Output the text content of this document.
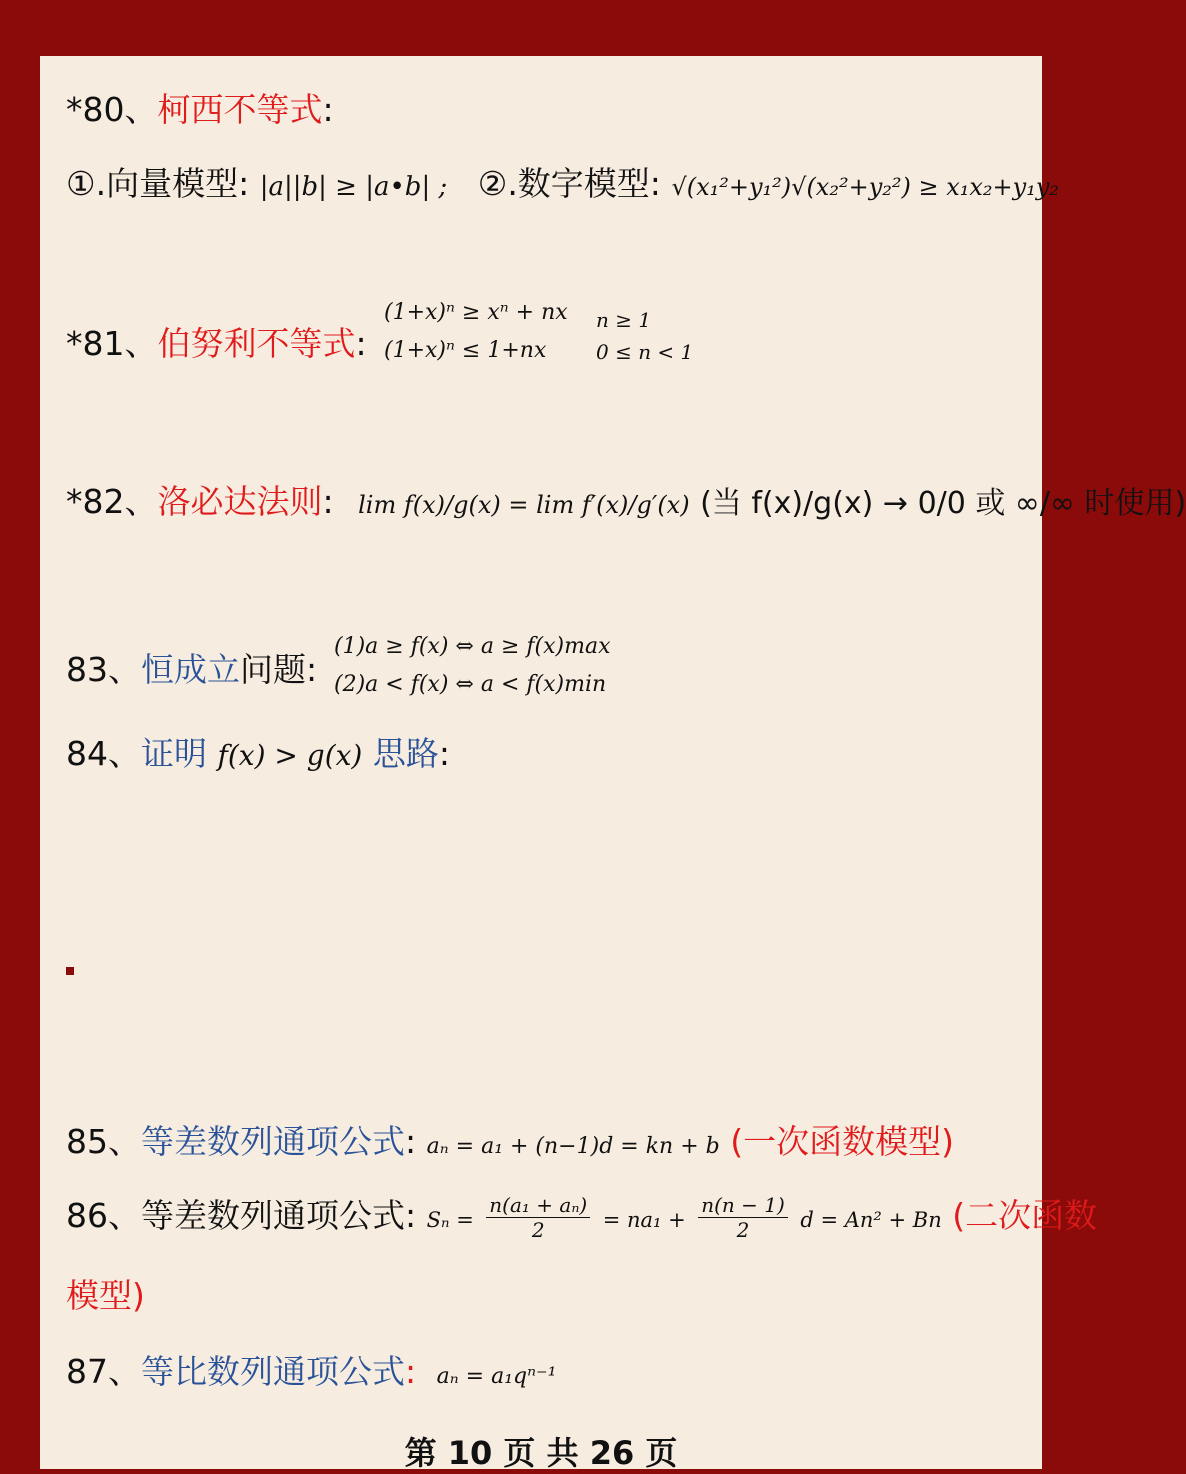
*80、柯西不等式:
①.向量模型: |a||b| ≥ |a•b| ; ②.数字模型: √(x₁²+y₁²)√(x₂²+y₂²) ≥ x₁x₂+y₁y₂
*81、伯努利不等式:
(1+x)ⁿ ≥ xⁿ + nx n ≥ 1
(1+x)ⁿ ≤ 1+nx 0 ≤ n < 1
*82、洛必达法则: lim f(x)/g(x) = lim f′(x)/g′(x) (当 f(x)/g(x) → 0/0 或 ∞/∞ 时使用)
83、恒成立问题:
(1)a ≥ f(x) ⇔ a ≥ f(x)max
(2)a < f(x) ⇔ a < f(x)min
84、证明 f(x) > g(x) 思路:
85、等差数列通项公式: aₙ = a₁ + (n−1)d = kn + b (一次函数模型)
86、等差数列通项公式: $S_n = \frac{\text{n(a₁ + aₙ)}}{2} = na_1 + \frac{n(n - 1)}{2}$ d = An² + Bn (二次函数
模型)
87、等比数列通项公式: aₙ = a₁qⁿ⁻¹
第 10 页 共 26 页
